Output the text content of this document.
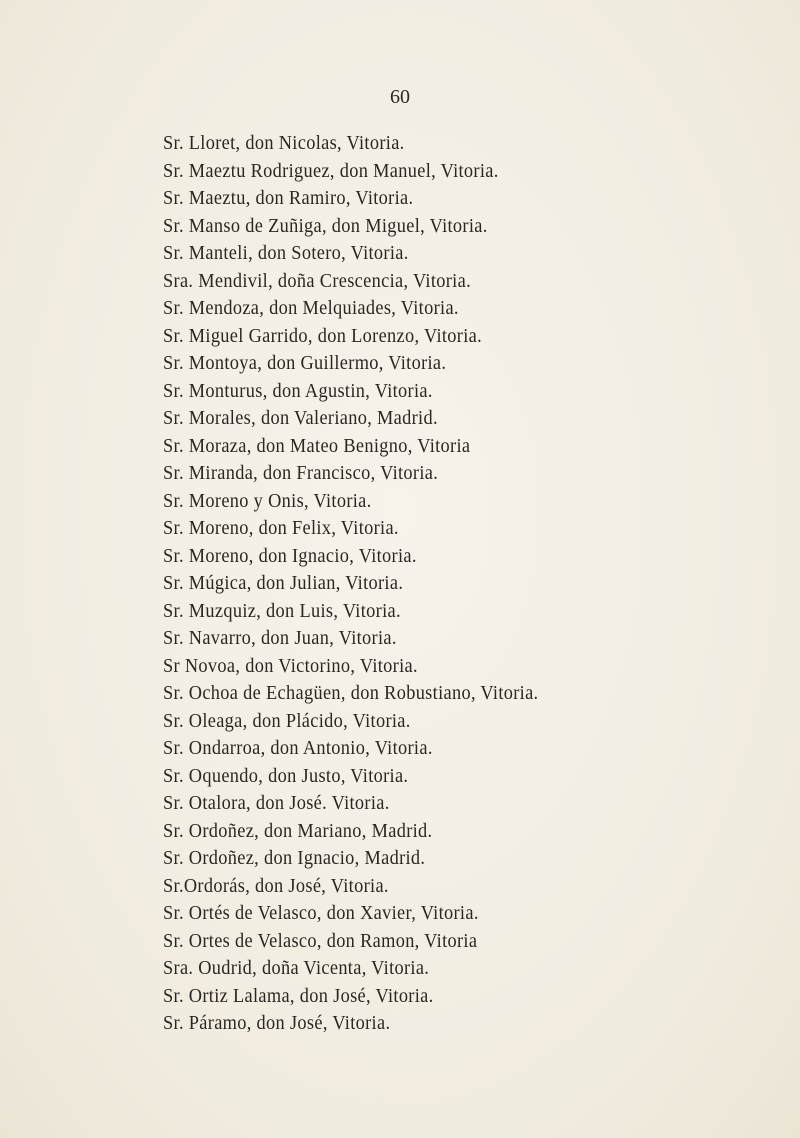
60
Sr. Lloret, don Nicolas, Vitoria.
Sr. Maeztu Rodriguez, don Manuel, Vitoria.
Sr. Maeztu, don Ramiro, Vitoria.
Sr. Manso de Zuñiga, don Miguel, Vitoria.
Sr. Manteli, don Sotero, Vitoria.
Sra. Mendivil, doña Crescencia, Vitoria.
Sr. Mendoza, don Melquiades, Vitoria.
Sr. Miguel Garrido, don Lorenzo, Vitoria.
Sr. Montoya, don Guillermo, Vitoria.
Sr. Monturus, don Agustin, Vitoria.
Sr. Morales, don Valeriano, Madrid.
Sr. Moraza, don Mateo Benigno, Vitoria
Sr. Miranda, don Francisco, Vitoria.
Sr. Moreno y Onis, Vitoria.
Sr. Moreno, don Felix, Vitoria.
Sr. Moreno, don Ignacio, Vitoria.
Sr. Múgica, don Julian, Vitoria.
Sr. Muzquiz, don Luis, Vitoria.
Sr. Navarro, don Juan, Vitoria.
Sr Novoa, don Victorino, Vitoria.
Sr. Ochoa de Echagüen, don Robustiano, Vitoria.
Sr. Oleaga, don Plácido, Vitoria.
Sr. Ondarroa, don Antonio, Vitoria.
Sr. Oquendo, don Justo, Vitoria.
Sr. Otalora, don José. Vitoria.
Sr. Ordoñez, don Mariano, Madrid.
Sr. Ordoñez, don Ignacio, Madrid.
Sr.Ordorás, don José, Vitoria.
Sr. Ortés de Velasco, don Xavier, Vitoria.
Sr. Ortes de Velasco, don Ramon, Vitoria
Sra. Oudrid, doña Vicenta, Vitoria.
Sr. Ortiz Lalama, don José, Vitoria.
Sr. Páramo, don José, Vitoria.
